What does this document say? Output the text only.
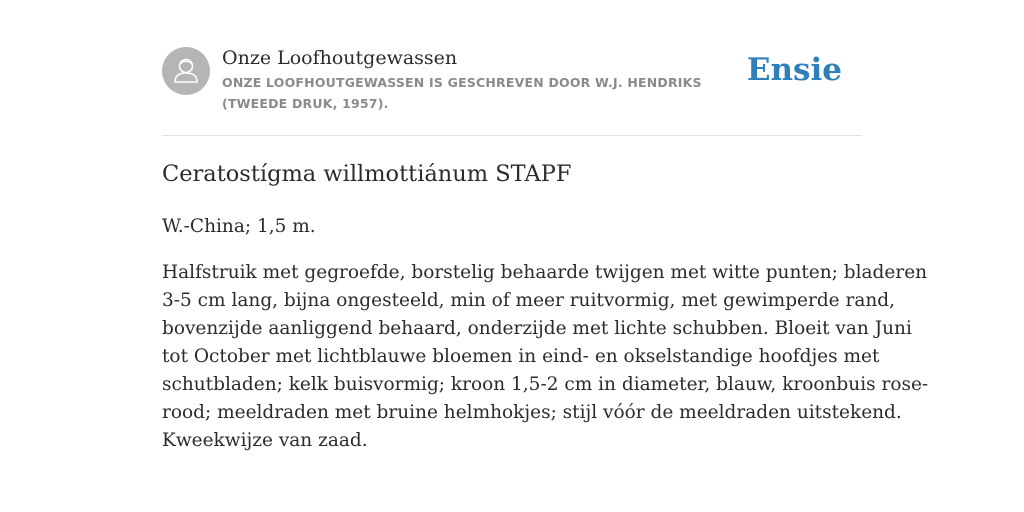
Onze Loofhoutgewassen
ONZE LOOFHOUTGEWASSEN IS GESCHREVEN DOOR W.J. HENDRIKS (TWEEDE DRUK, 1957).
Ensie
Ceratostígma willmottiánum STAPF

W.-China; 1,5 m.

Halfstruik met gegroefde, borstelig behaarde twijgen met witte punten; bladeren
3-5 cm lang, bijna ongesteeld, min of meer ruitvormig, met gewimperde rand,
bovenzijde aanliggend behaard, onderzijde met lichte schubben. Bloeit van Juni
tot October met lichtblauwe bloemen in eind- en okselstandige hoofdjes met
schutbladen; kelk buisvormig; kroon 1,5-2 cm in diameter, blauw, kroonbuis rose-
rood; meeldraden met bruine helmhokjes; stijl vóór de meeldraden uitstekend.
Kweekwijze van zaad.
